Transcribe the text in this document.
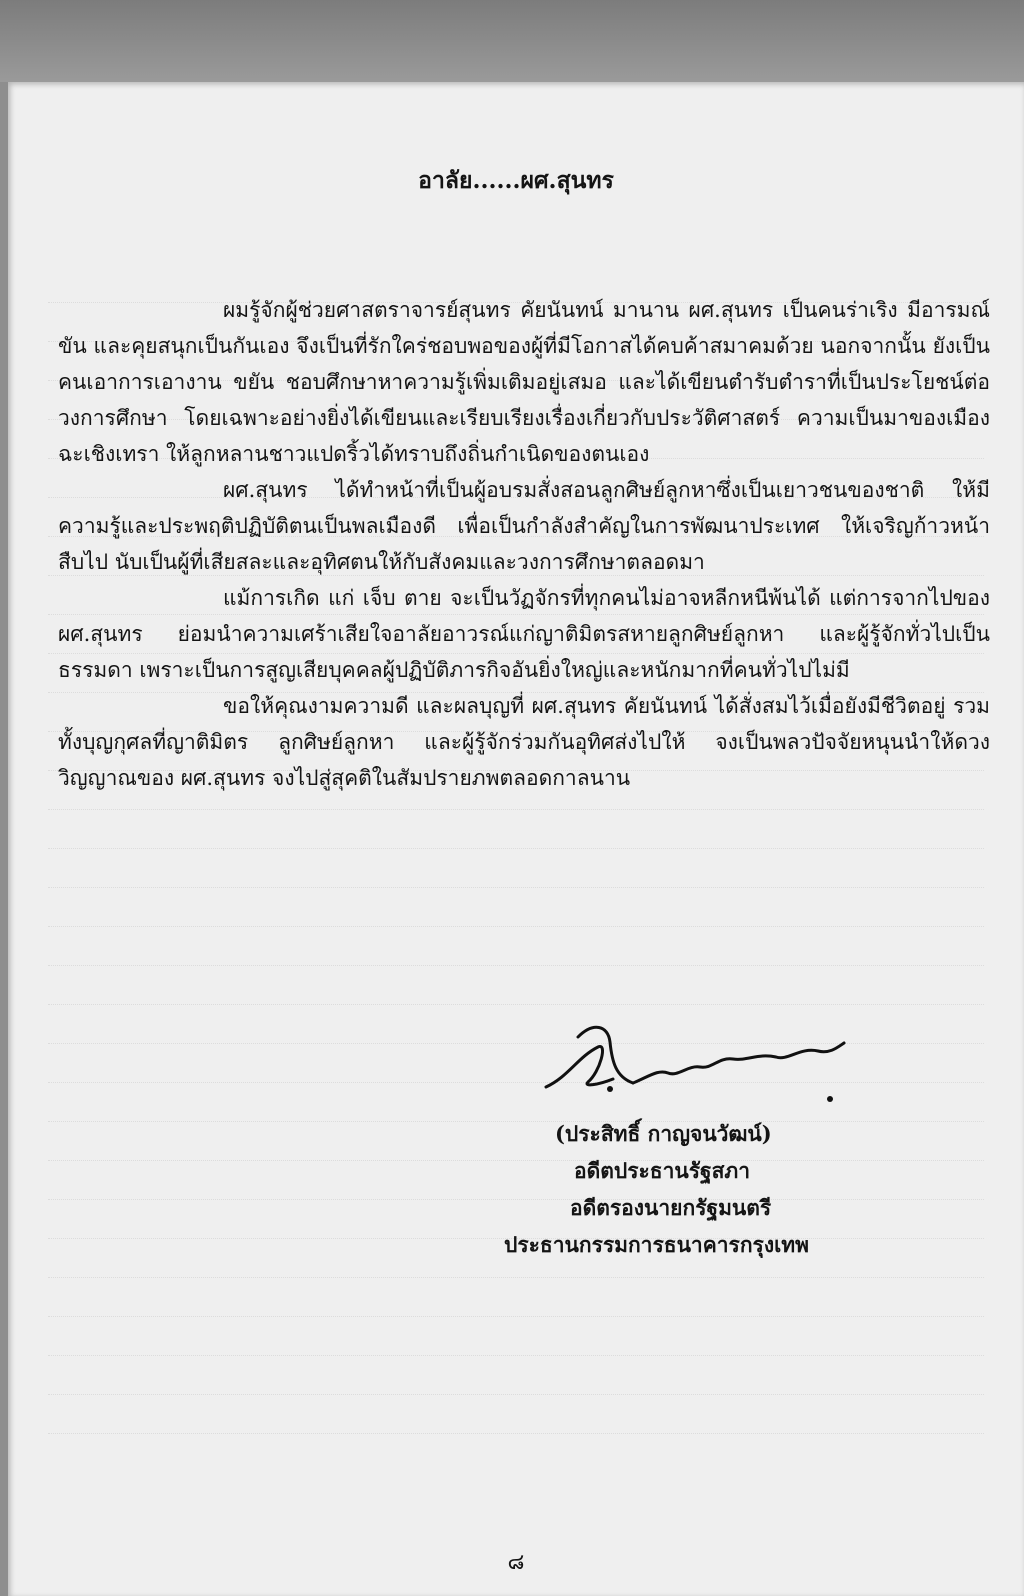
อาลัย......ผศ.สุนทร

ผมรู้จักผู้ช่วยศาสตราจารย์สุนทร คัยนันทน์ มานาน ผศ.สุนทร เป็นคนร่าเริง มีอารมณ์ขัน และคุยสนุกเป็นกันเอง จึงเป็นที่รักใคร่ชอบพอของผู้ที่มีโอกาสได้คบค้าสมาคมด้วย นอกจากนั้น ยังเป็นคนเอาการเอางาน ขยัน ชอบศึกษาหาความรู้เพิ่มเติมอยู่เสมอ และได้เขียนตำรับตำราที่เป็นประโยชน์ต่อวงการศึกษา โดยเฉพาะอย่างยิ่งได้เขียนและเรียบเรียงเรื่องเกี่ยวกับประวัติศาสตร์ ความเป็นมาของเมืองฉะเชิงเทรา ให้ลูกหลานชาวแปดริ้วได้ทราบถึงถิ่นกำเนิดของตนเอง

ผศ.สุนทร ได้ทำหน้าที่เป็นผู้อบรมสั่งสอนลูกศิษย์ลูกหาซึ่งเป็นเยาวชนของชาติ ให้มีความรู้และประพฤติปฏิบัติตนเป็นพลเมืองดี เพื่อเป็นกำลังสำคัญในการพัฒนาประเทศ ให้เจริญก้าวหน้าสืบไป นับเป็นผู้ที่เสียสละและอุทิศตนให้กับสังคมและวงการศึกษาตลอดมา

แม้การเกิด แก่ เจ็บ ตาย จะเป็นวัฏจักรที่ทุกคนไม่อาจหลีกหนีพ้นได้ แต่การจากไปของผศ.สุนทร ย่อมนำความเศร้าเสียใจอาลัยอาวรณ์แก่ญาติมิตรสหายลูกศิษย์ลูกหา และผู้รู้จักทั่วไปเป็นธรรมดา เพราะเป็นการสูญเสียบุคคลผู้ปฏิบัติภารกิจอันยิ่งใหญ่และหนักมากที่คนทั่วไปไม่มี

ขอให้คุณงามความดี และผลบุญที่ ผศ.สุนทร คัยนันทน์ ได้สั่งสมไว้เมื่อยังมีชีวิตอยู่ รวมทั้งบุญกุศลที่ญาติมิตร ลูกศิษย์ลูกหา และผู้รู้จักร่วมกันอุทิศส่งไปให้ จงเป็นพลวปัจจัยหนุนนำให้ดวงวิญญาณของ ผศ.สุนทร จงไปสู่สุคติในสัมปรายภพตลอดกาลนาน

(ประสิทธิ์ กาญจนวัฒน์)
อดีตประธานรัฐสภา
อดีตรองนายกรัฐมนตรี
ประธานกรรมการธนาคารกรุงเทพ
๘
